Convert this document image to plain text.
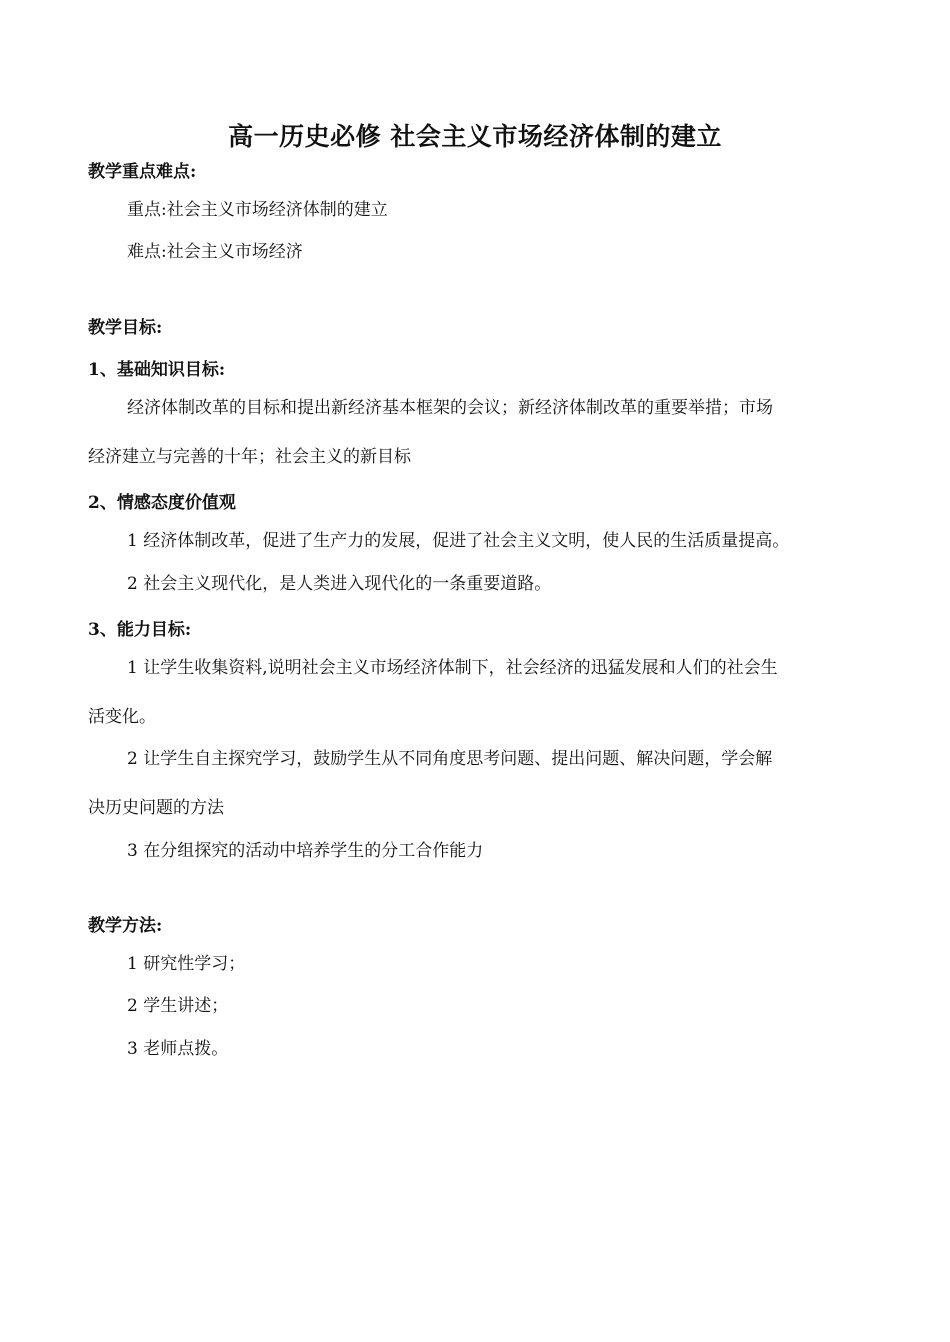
高一历史必修 社会主义市场经济体制的建立
教学重点难点:
重点:社会主义市场经济体制的建立
难点:社会主义市场经济
教学目标:
1、基础知识目标:
经济体制改革的目标和提出新经济基本框架的会议；新经济体制改革的重要举措；市场
经济建立与完善的十年；社会主义的新目标
2、情感态度价值观
1 经济体制改革，促进了生产力的发展，促进了社会主义文明，使人民的生活质量提高。
2 社会主义现代化，是人类进入现代化的一条重要道路。
3、能力目标:
1 让学生收集资料,说明社会主义市场经济体制下，社会经济的迅猛发展和人们的社会生
活变化。
2 让学生自主探究学习，鼓励学生从不同角度思考问题、提出问题、解决问题，学会解
决历史问题的方法
3 在分组探究的活动中培养学生的分工合作能力
教学方法:
1 研究性学习；
2 学生讲述；
3 老师点拨。
